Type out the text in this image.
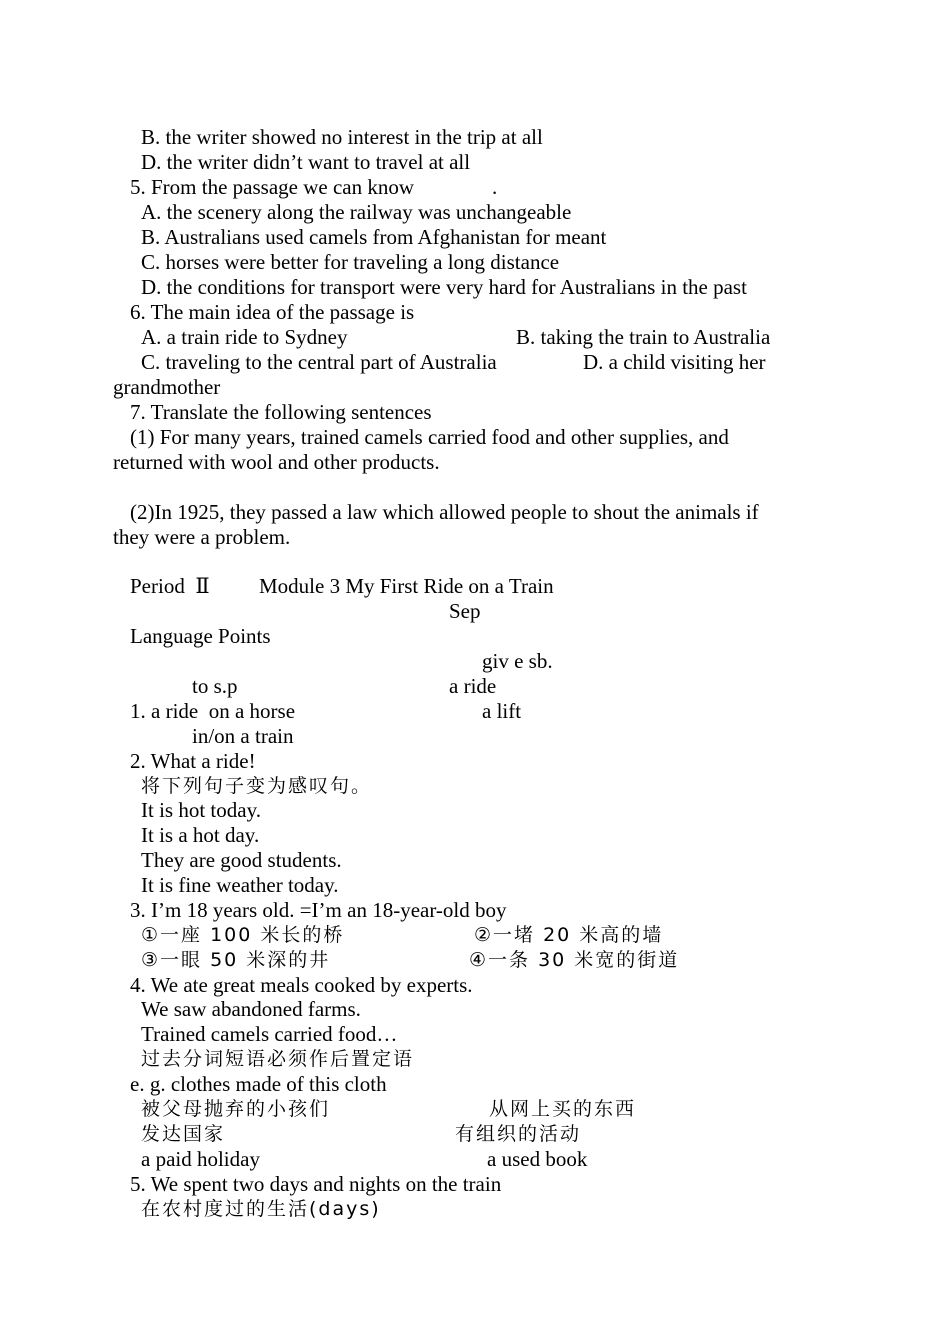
B. the writer showed no interest in the trip at all
D. the writer didn’t want to travel at all
5. From the passage we can know	.
A. the scenery along the railway was unchangeable
B. Australians used camels from Afghanistan for meant
C. horses were better for traveling a long distance
D. the conditions for transport were very hard for Australians in the past
6. The main idea of the passage is
A. a train ride to Sydney	B. taking the train to Australia
C. traveling to the central part of Australia	D. a child visiting her
grandmother
7. Translate the following sentences
(1) For many years, trained camels carried food and other supplies, and
returned with wool and other products.
(2)In 1925, they passed a law which allowed people to shout the animals if
they were a problem.
Period  Ⅱ Module 3 My First Ride on a Train
Sep
Language Points
giv e sb.
to s.p	a ride
1. a ride  on a horse	a lift
in/on a train
2. What a ride!
将下列句子变为感叹句。
It is hot today.
It is a hot day.
They are good students.
It is fine weather today.
3. I’m 18 years old. =I’m an 18-year-old boy
①一座 100 米长的桥	②一堵 20 米高的墙
③一眼 50 米深的井	④一条 30 米宽的街道
4. We ate great meals cooked by experts.
We saw abandoned farms.
Trained camels carried food…
过去分词短语必须作后置定语
e. g. clothes made of this cloth
被父母抛弃的小孩们	从网上买的东西
发达国家	有组织的活动
a paid holiday	a used book
5. We spent two days and nights on the train
在农村度过的生活(days)
